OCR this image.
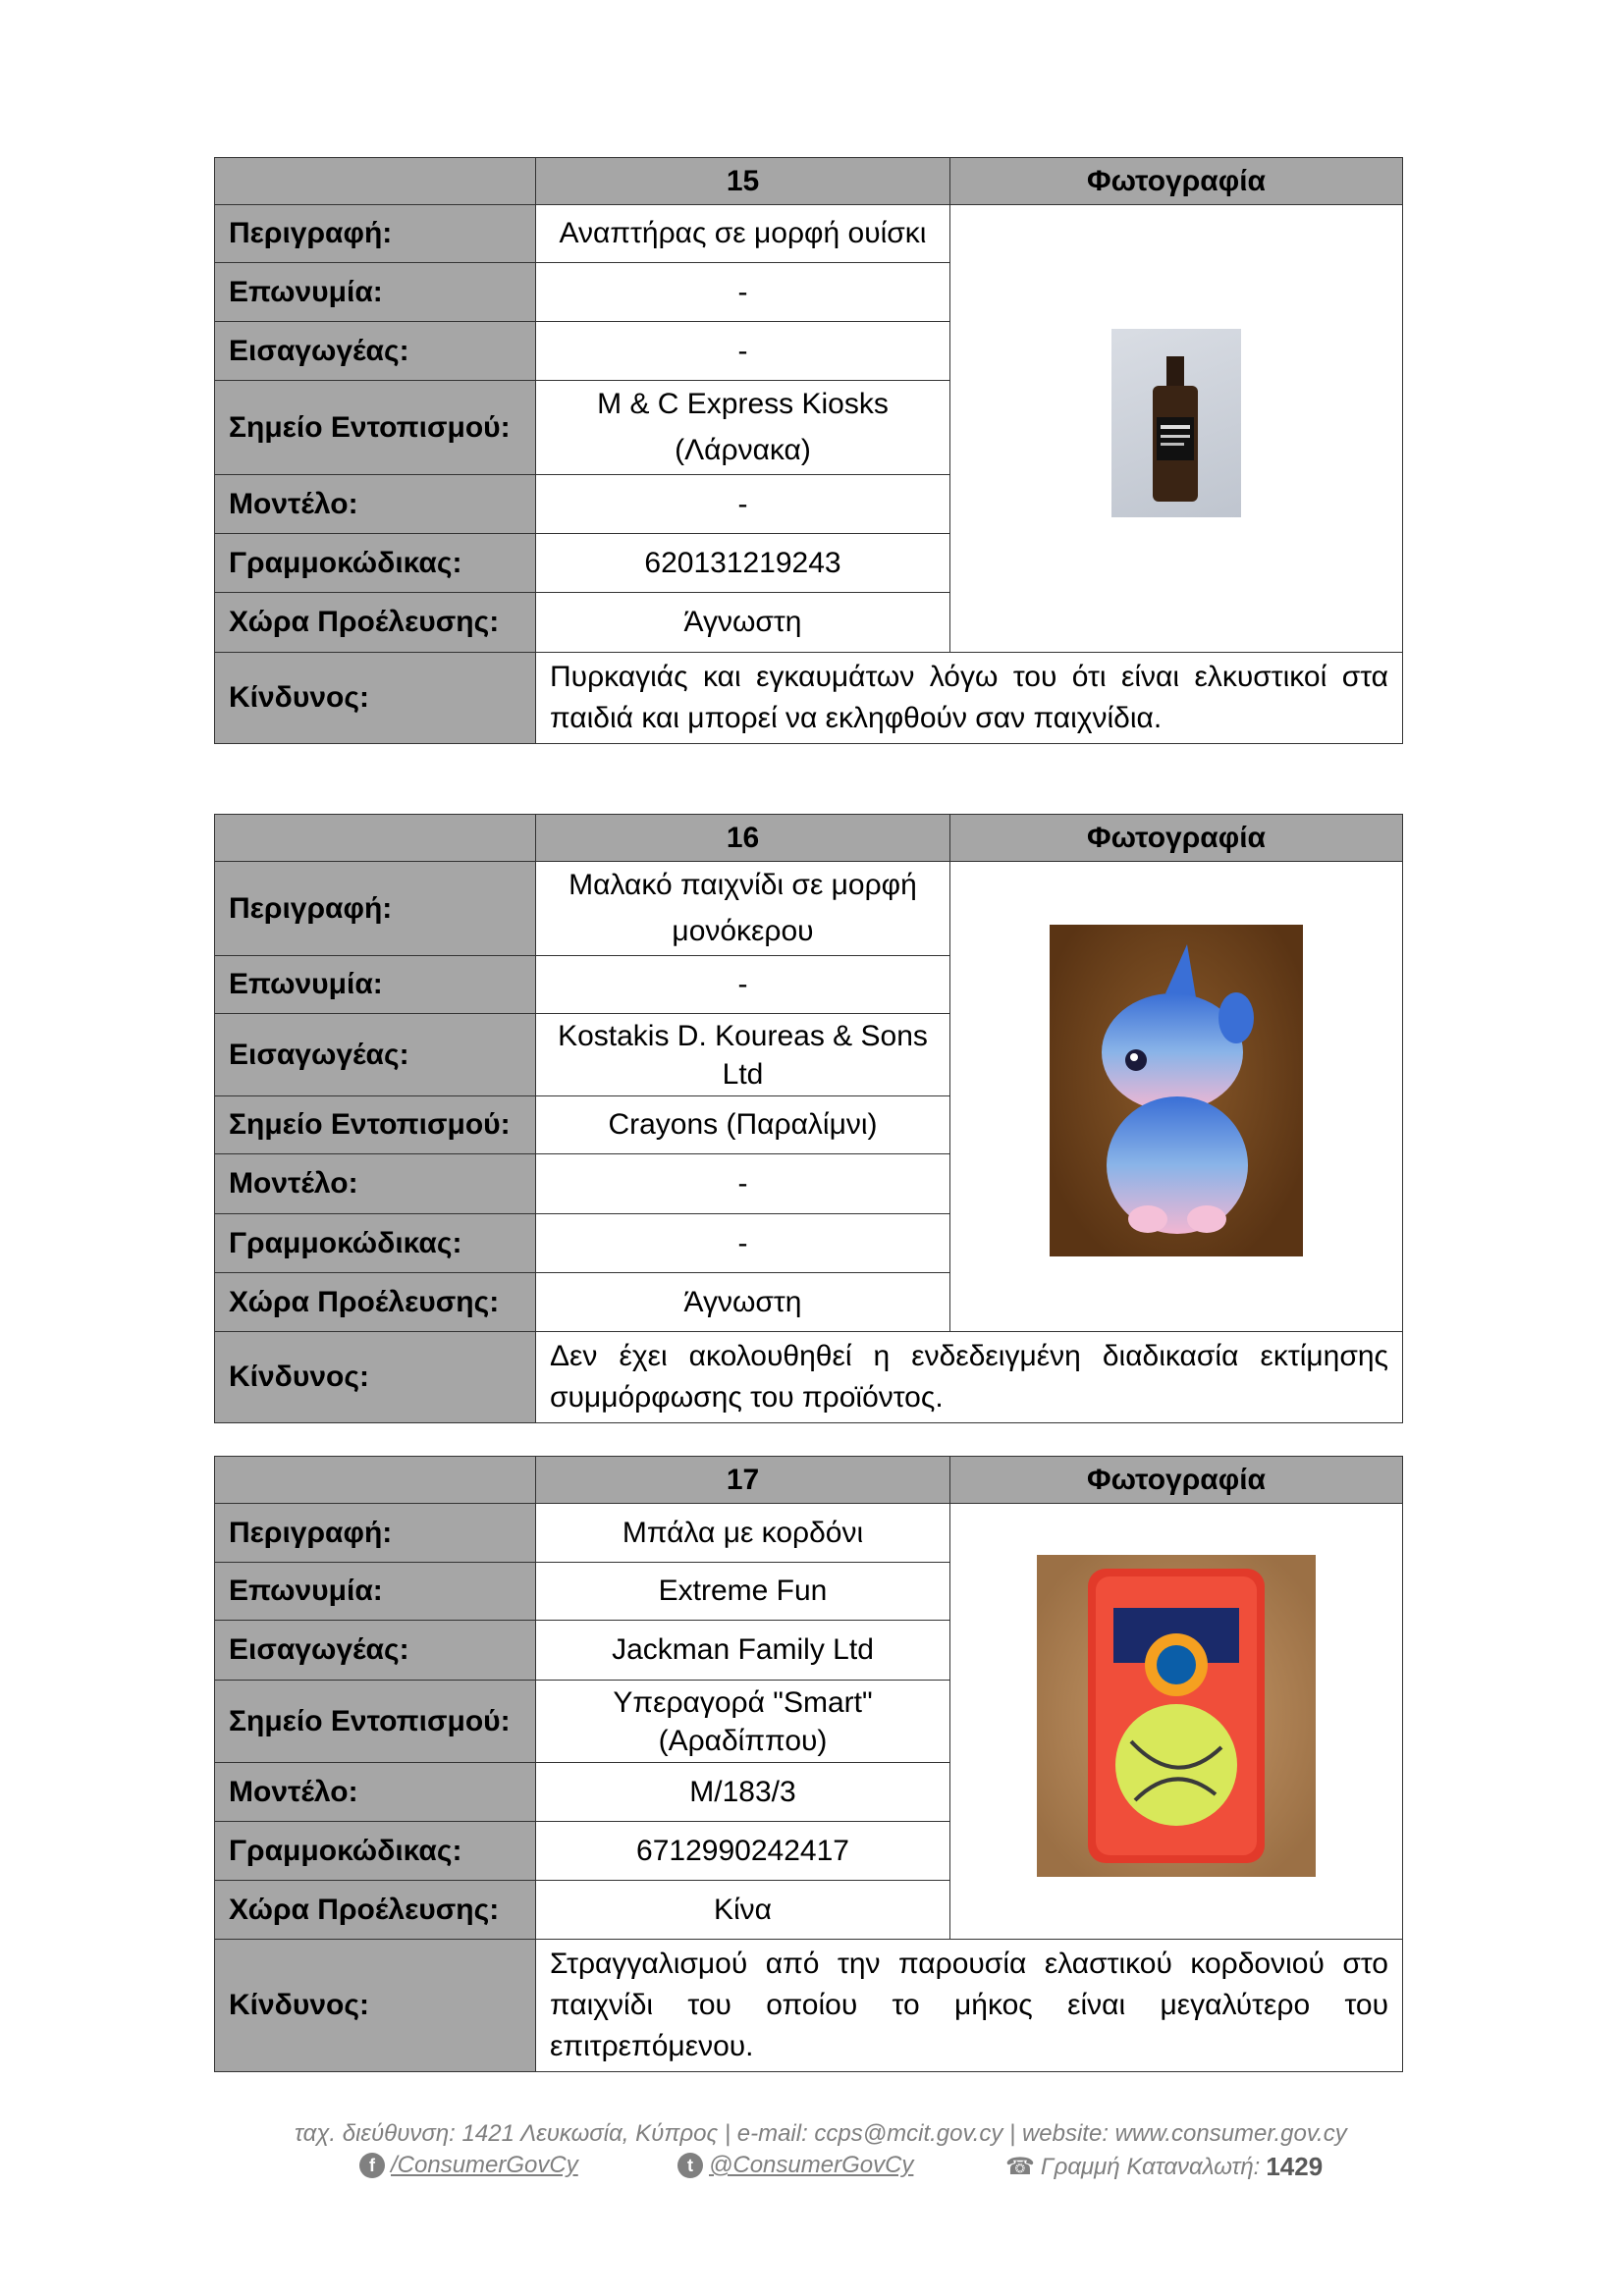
	15	Φωτογραφία
Περιγραφή:	Αναπτήρας σε μορφή ουίσκι	

Επωνυμία:	-	
Εισαγωγέας:	-	
Σημείο Εντοπισμού:	M & C Express Kiosks (Λάρνακα)	
Μοντέλο:	-	
Γραμμοκώδικας:	620131219243	
Χώρα Προέλευσης:	Άγνωστη	
Κίνδυνος:	Πυρκαγιάς και εγκαυμάτων λόγω του ότι είναι ελκυστικοί στα παιδιά και μπορεί να εκληφθούν σαν παιχνίδια.	
	16	Φωτογραφία
Περιγραφή:	Μαλακό παιχνίδι σε μορφή μονόκερου	
Επωνυμία:	-	
Εισαγωγέας:	Kostakis D. Koureas & Sons Ltd	
Σημείο Εντοπισμού:	Crayons (Παραλίμνι)	
Μοντέλο:	-	
Γραμμοκώδικας:	-	
Χώρα Προέλευσης:	Άγνωστη	
Κίνδυνος:	Δεν έχει ακολουθηθεί η ενδεδειγμένη διαδικασία εκτίμησης συμμόρφωσης του προϊόντος.	
	17	Φωτογραφία
Περιγραφή:	Μπάλα με κορδόνι	
Επωνυμία:	Extreme Fun	
Εισαγωγέας:	Jackman Family Ltd	
Σημείο Εντοπισμού:	Υπεραγορά "Smart" (Αραδίππου)	
Μοντέλο:	M/183/3	
Γραμμοκώδικας:	6712990242417	
Χώρα Προέλευσης:	Κίνα	
Κίνδυνος:	Στραγγαλισμού από την παρουσία ελαστικού κορδονιού στο παιχνίδι του οποίου το μήκος είναι μεγαλύτερο του επιτρεπόμενου.	
ταχ. διεύθυνση: 1421 Λευκωσία, Κύπρος | e-mail: ccps@mcit.gov.cy | website: www.consumer.gov.cy
f /ConsumerGovCy	t @ConsumerGovCy	☎ Γραμμή Καταναλωτή: 1429
